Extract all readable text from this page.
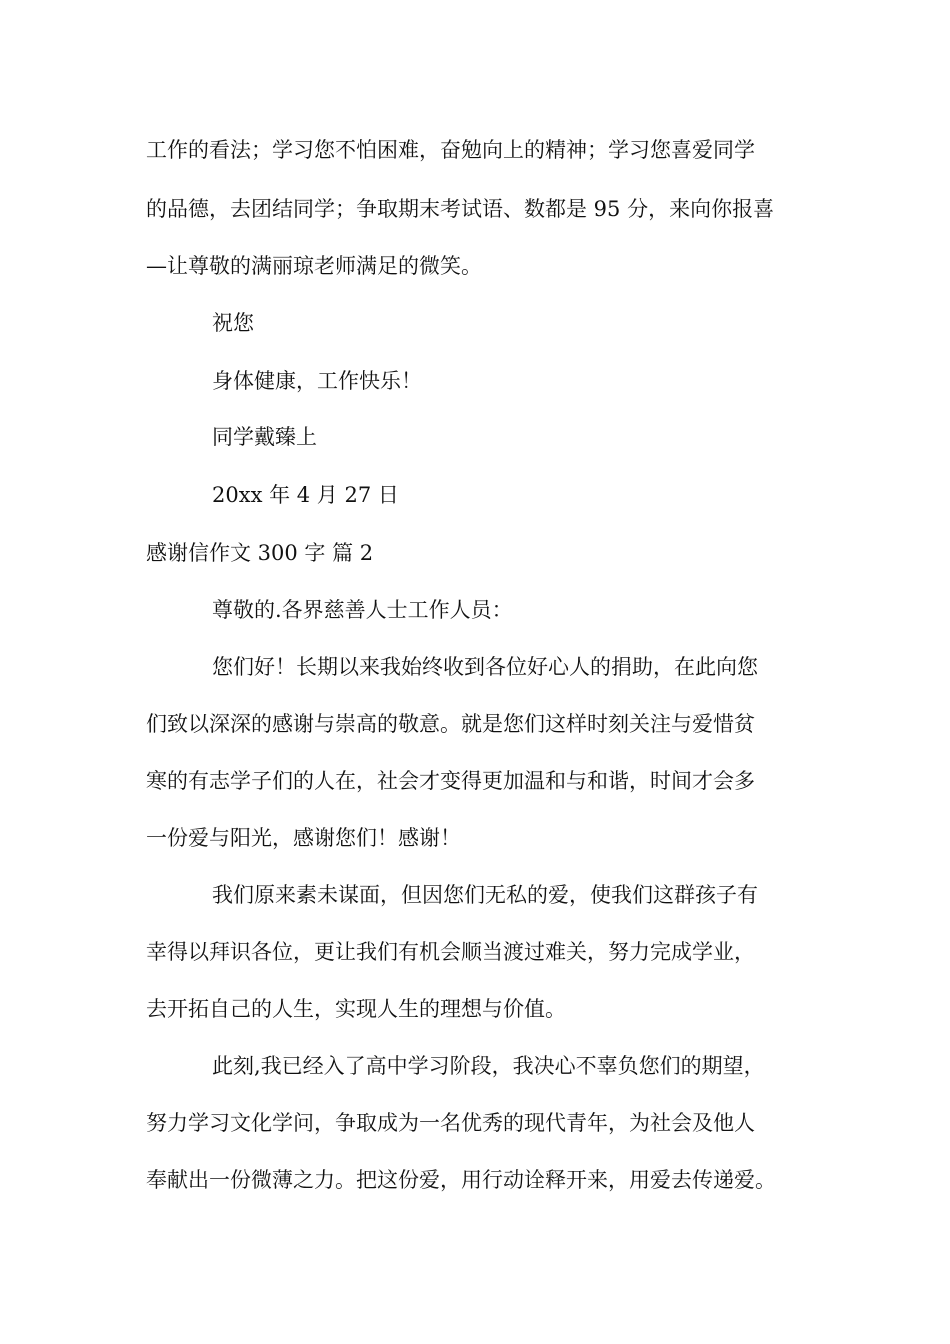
工作的看法；学习您不怕困难，奋勉向上的精神；学习您喜爱同学
的品德，去团结同学；争取期末考试语、数都是 95 分，来向你报喜
—让尊敬的满丽琼老师满足的微笑。
祝您
身体健康，工作快乐！
同学戴臻上
20xx 年 4 月 27 日
感谢信作文 300 字 篇 2
尊敬的.各界慈善人士工作人员：
您们好！长期以来我始终收到各位好心人的捐助，在此向您
们致以深深的感谢与崇高的敬意。就是您们这样时刻关注与爱惜贫
寒的有志学子们的人在，社会才变得更加温和与和谐，时间才会多
一份爱与阳光，感谢您们！感谢！
我们原来素未谋面，但因您们无私的爱，使我们这群孩子有
幸得以拜识各位，更让我们有机会顺当渡过难关，努力完成学业，
去开拓自己的人生，实现人生的理想与价值。
此刻,我已经入了高中学习阶段，我决心不辜负您们的期望，
努力学习文化学问，争取成为一名优秀的现代青年，为社会及他人
奉献出一份微薄之力。把这份爱，用行动诠释开来，用爱去传递爱。
